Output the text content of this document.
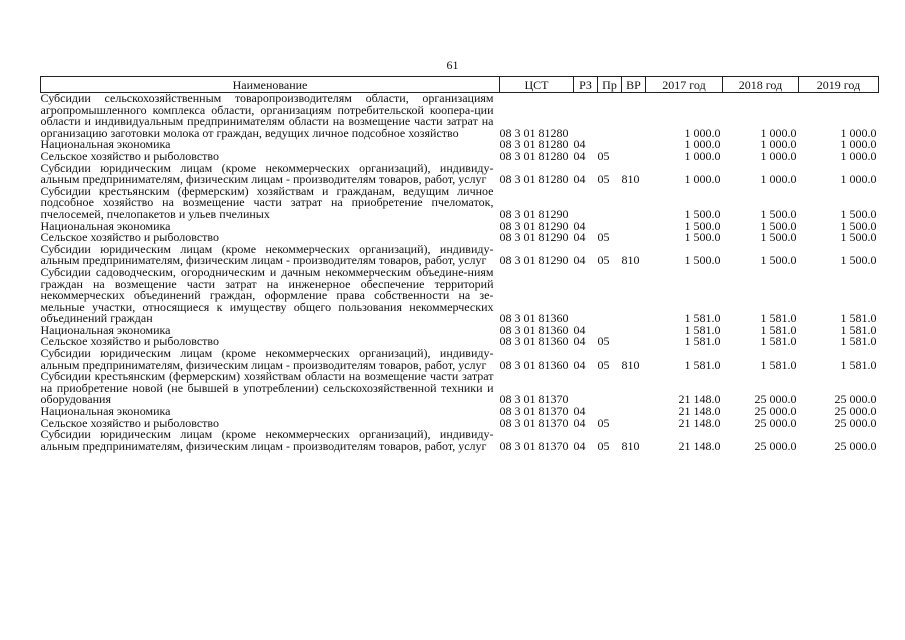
61
Наименование	ЦСТ	РЗ	Пр	ВР	2017 год	2018 год	2019 год
Субсидии сельскохозяйственным товаропроизводителям области, организациям агропромышленного комплекса области, организациям потребительской коопера-ции области и индивидуальным предпринимателям области на возмещение части затрат на организацию заготовки молока от граждан, ведущих личное подсобное хозяйство	08 3 01 81280				1 000.0	1 000.0	1 000.0
Национальная экономика	08 3 01 81280	04			1 000.0	1 000.0	1 000.0
Сельское хозяйство и рыболовство	08 3 01 81280	04	05		1 000.0	1 000.0	1 000.0
Субсидии юридическим лицам (кроме некоммерческих организаций), индивиду-альным предпринимателям, физическим лицам - производителям товаров, работ, услуг	08 3 01 81280	04	05	810	1 000.0	1 000.0	1 000.0
Субсидии крестьянским (фермерским) хозяйствам и гражданам, ведущим личное подсобное хозяйство на возмещение части затрат на приобретение пчеломаток, пчелосемей, пчелопакетов и ульев пчелиных	08 3 01 81290				1 500.0	1 500.0	1 500.0
Национальная экономика	08 3 01 81290	04			1 500.0	1 500.0	1 500.0
Сельское хозяйство и рыболовство	08 3 01 81290	04	05		1 500.0	1 500.0	1 500.0
Субсидии юридическим лицам (кроме некоммерческих организаций), индивиду-альным предпринимателям, физическим лицам - производителям товаров, работ, услуг	08 3 01 81290	04	05	810	1 500.0	1 500.0	1 500.0
Субсидии садоводческим, огородническим и дачным некоммерческим объедине-ниям граждан на возмещение части затрат на инженерное обеспечение территорий некоммерческих объединений граждан, оформление права собственности на зе-мельные участки, относящиеся к имуществу общего пользования некоммерческих объединений граждан	08 3 01 81360				1 581.0	1 581.0	1 581.0
Национальная экономика	08 3 01 81360	04			1 581.0	1 581.0	1 581.0
Сельское хозяйство и рыболовство	08 3 01 81360	04	05		1 581.0	1 581.0	1 581.0
Субсидии юридическим лицам (кроме некоммерческих организаций), индивиду-альным предпринимателям, физическим лицам - производителям товаров, работ, услуг	08 3 01 81360	04	05	810	1 581.0	1 581.0	1 581.0
Субсидии крестьянским (фермерским) хозяйствам области на возмещение части затрат на приобретение новой (не бывшей в употреблении) сельскохозяйственной техники и оборудования	08 3 01 81370				21 148.0	25 000.0	25 000.0
Национальная экономика	08 3 01 81370	04			21 148.0	25 000.0	25 000.0
Сельское хозяйство и рыболовство	08 3 01 81370	04	05		21 148.0	25 000.0	25 000.0
Субсидии юридическим лицам (кроме некоммерческих организаций), индивиду-альным предпринимателям, физическим лицам - производителям товаров, работ, услуг	08 3 01 81370	04	05	810	21 148.0	25 000.0	25 000.0
